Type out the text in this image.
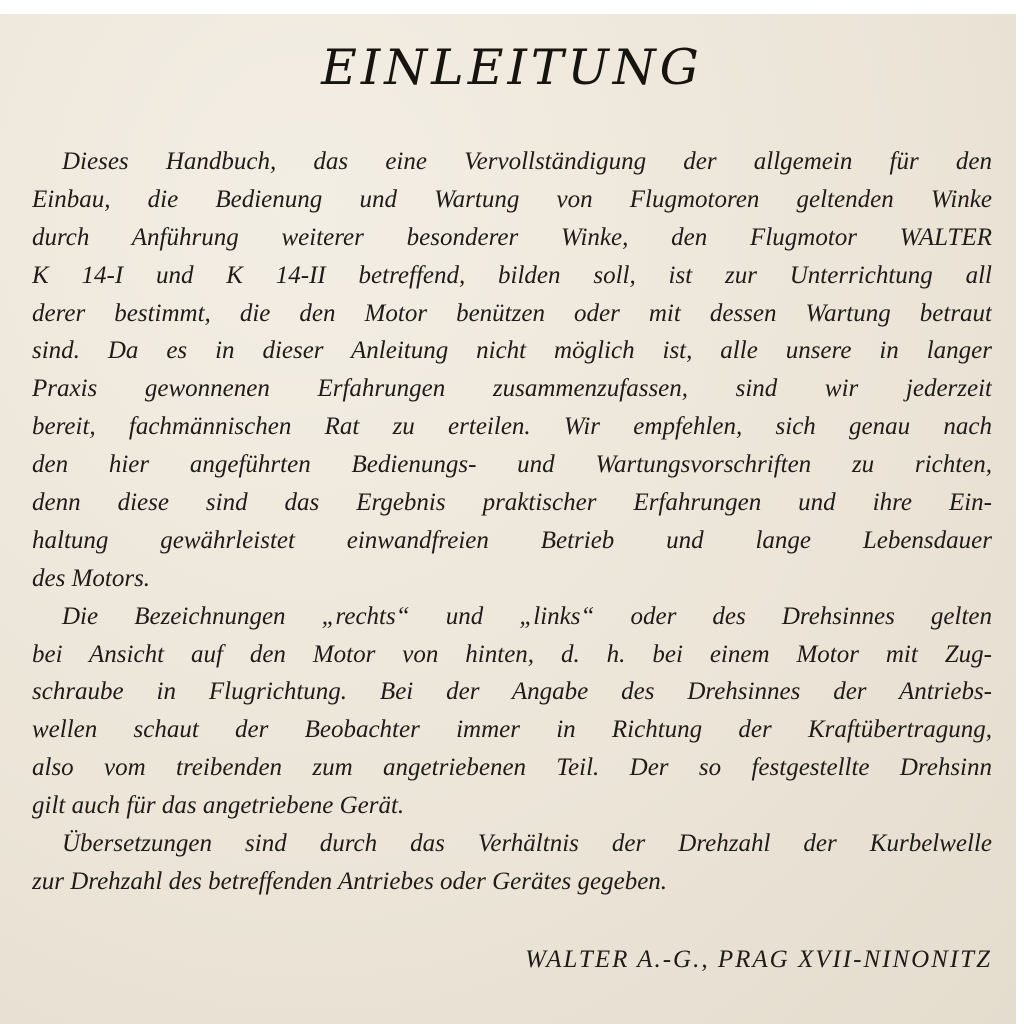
EINLEITUNG
Dieses Handbuch, das eine Vervollständigung der allgemein für den
Einbau, die Bedienung und Wartung von Flugmotoren geltenden Winke
durch Anführung weiterer besonderer Winke, den Flugmotor WALTER
K 14-I und K 14-II betreffend, bilden soll, ist zur Unterrichtung all
derer bestimmt, die den Motor benützen oder mit dessen Wartung betraut
sind. Da es in dieser Anleitung nicht möglich ist, alle unsere in langer
Praxis gewonnenen Erfahrungen zusammenzufassen, sind wir jederzeit
bereit, fachmännischen Rat zu erteilen. Wir empfehlen, sich genau nach
den hier angeführten Bedienungs- und Wartungsvorschriften zu richten,
denn diese sind das Ergebnis praktischer Erfahrungen und ihre Ein-
haltung gewährleistet einwandfreien Betrieb und lange Lebensdauer
des Motors.
Die Bezeichnungen „rechts“ und „links“ oder des Drehsinnes gelten
bei Ansicht auf den Motor von hinten, d. h. bei einem Motor mit Zug-
schraube in Flugrichtung. Bei der Angabe des Drehsinnes der Antriebs-
wellen schaut der Beobachter immer in Richtung der Kraftübertragung,
also vom treibenden zum angetriebenen Teil. Der so festgestellte Drehsinn
gilt auch für das angetriebene Gerät.
Übersetzungen sind durch das Verhältnis der Drehzahl der Kurbelwelle
zur Drehzahl des betreffenden Antriebes oder Gerätes gegeben.
WALTER A.-G., PRAG XVII-NINONITZ
